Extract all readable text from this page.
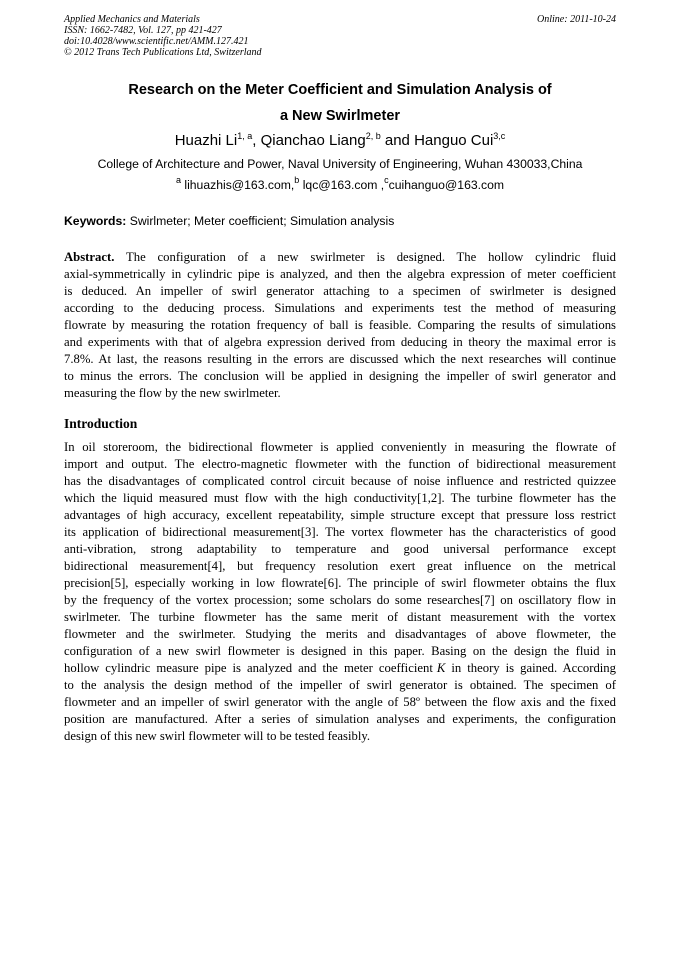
Applied Mechanics and Materials
ISSN: 1662-7482, Vol. 127, pp 421-427
doi:10.4028/www.scientific.net/AMM.127.421
© 2012 Trans Tech Publications Ltd, Switzerland
Online: 2011-10-24
Research on the Meter Coefficient and Simulation Analysis of
a New Swirlmeter
Huazhi Li$^{1, a}$, Qianchao Liang$^{2, b}$ and Hanguo Cui$^{3,c}$
College of Architecture and Power, Naval University of Engineering, Wuhan 430033,China
$^a$ lihuazhis@163.com,$^b$ lqc@163.com ,$^c$cuihanguo@163.com
Keywords: Swirlmeter; Meter coefficient; Simulation analysis
Abstract. The configuration of a new swirlmeter is designed. The hollow cylindric fluid
axial-symmetrically in cylindric pipe is analyzed, and then the algebra expression of meter coefficient
is deduced. An impeller of swirl generator attaching to a specimen of swirlmeter is designed
according to the deducing process. Simulations and experiments test the method of measuring
flowrate by measuring the rotation frequency of ball is feasible. Comparing the results of simulations
and experiments with that of algebra expression derived from deducing in theory the maximal error is
7.8%. At last, the reasons resulting in the errors are discussed which the next researches will continue
to minus the errors. The conclusion will be applied in designing the impeller of swirl generator and
measuring the flow by the new swirlmeter.
Introduction
In oil storeroom, the bidirectional flowmeter is applied conveniently in measuring the flowrate of
import and output. The electro-magnetic flowmeter with the function of bidirectional measurement
has the disadvantages of complicated control circuit because of noise influence and restricted quizzee
which the liquid measured must flow with the high conductivity[1,2]. The turbine flowmeter has the
advantages of high accuracy, excellent repeatability, simple structure except that pressure loss restrict
its application of bidirectional measurement[3]. The vortex flowmeter has the characteristics of good
anti-vibration, strong adaptability to temperature and good universal performance except
bidirectional measurement[4], but frequency resolution exert great influence on the metrical
precision[5], especially working in low flowrate[6]. The principle of swirl flowmeter obtains the flux
by the frequency of the vortex procession; some scholars do some researches[7] on oscillatory flow in
swirlmeter. The turbine flowmeter has the same merit of distant measurement with the vortex
flowmeter and the swirlmeter. Studying the merits and disadvantages of above flowmeter, the
configuration of a new swirl flowmeter is designed in this paper. Basing on the design the fluid in
hollow cylindric measure pipe is analyzed and the meter coefficient K in theory is gained. According
to the analysis the design method of the impeller of swirl generator is obtained. The specimen of
flowmeter and an impeller of swirl generator with the angle of 58º between the flow axis and the fixed
position are manufactured. After a series of simulation analyses and experiments, the configuration
design of this new swirl flowmeter will to be tested feasibly.
